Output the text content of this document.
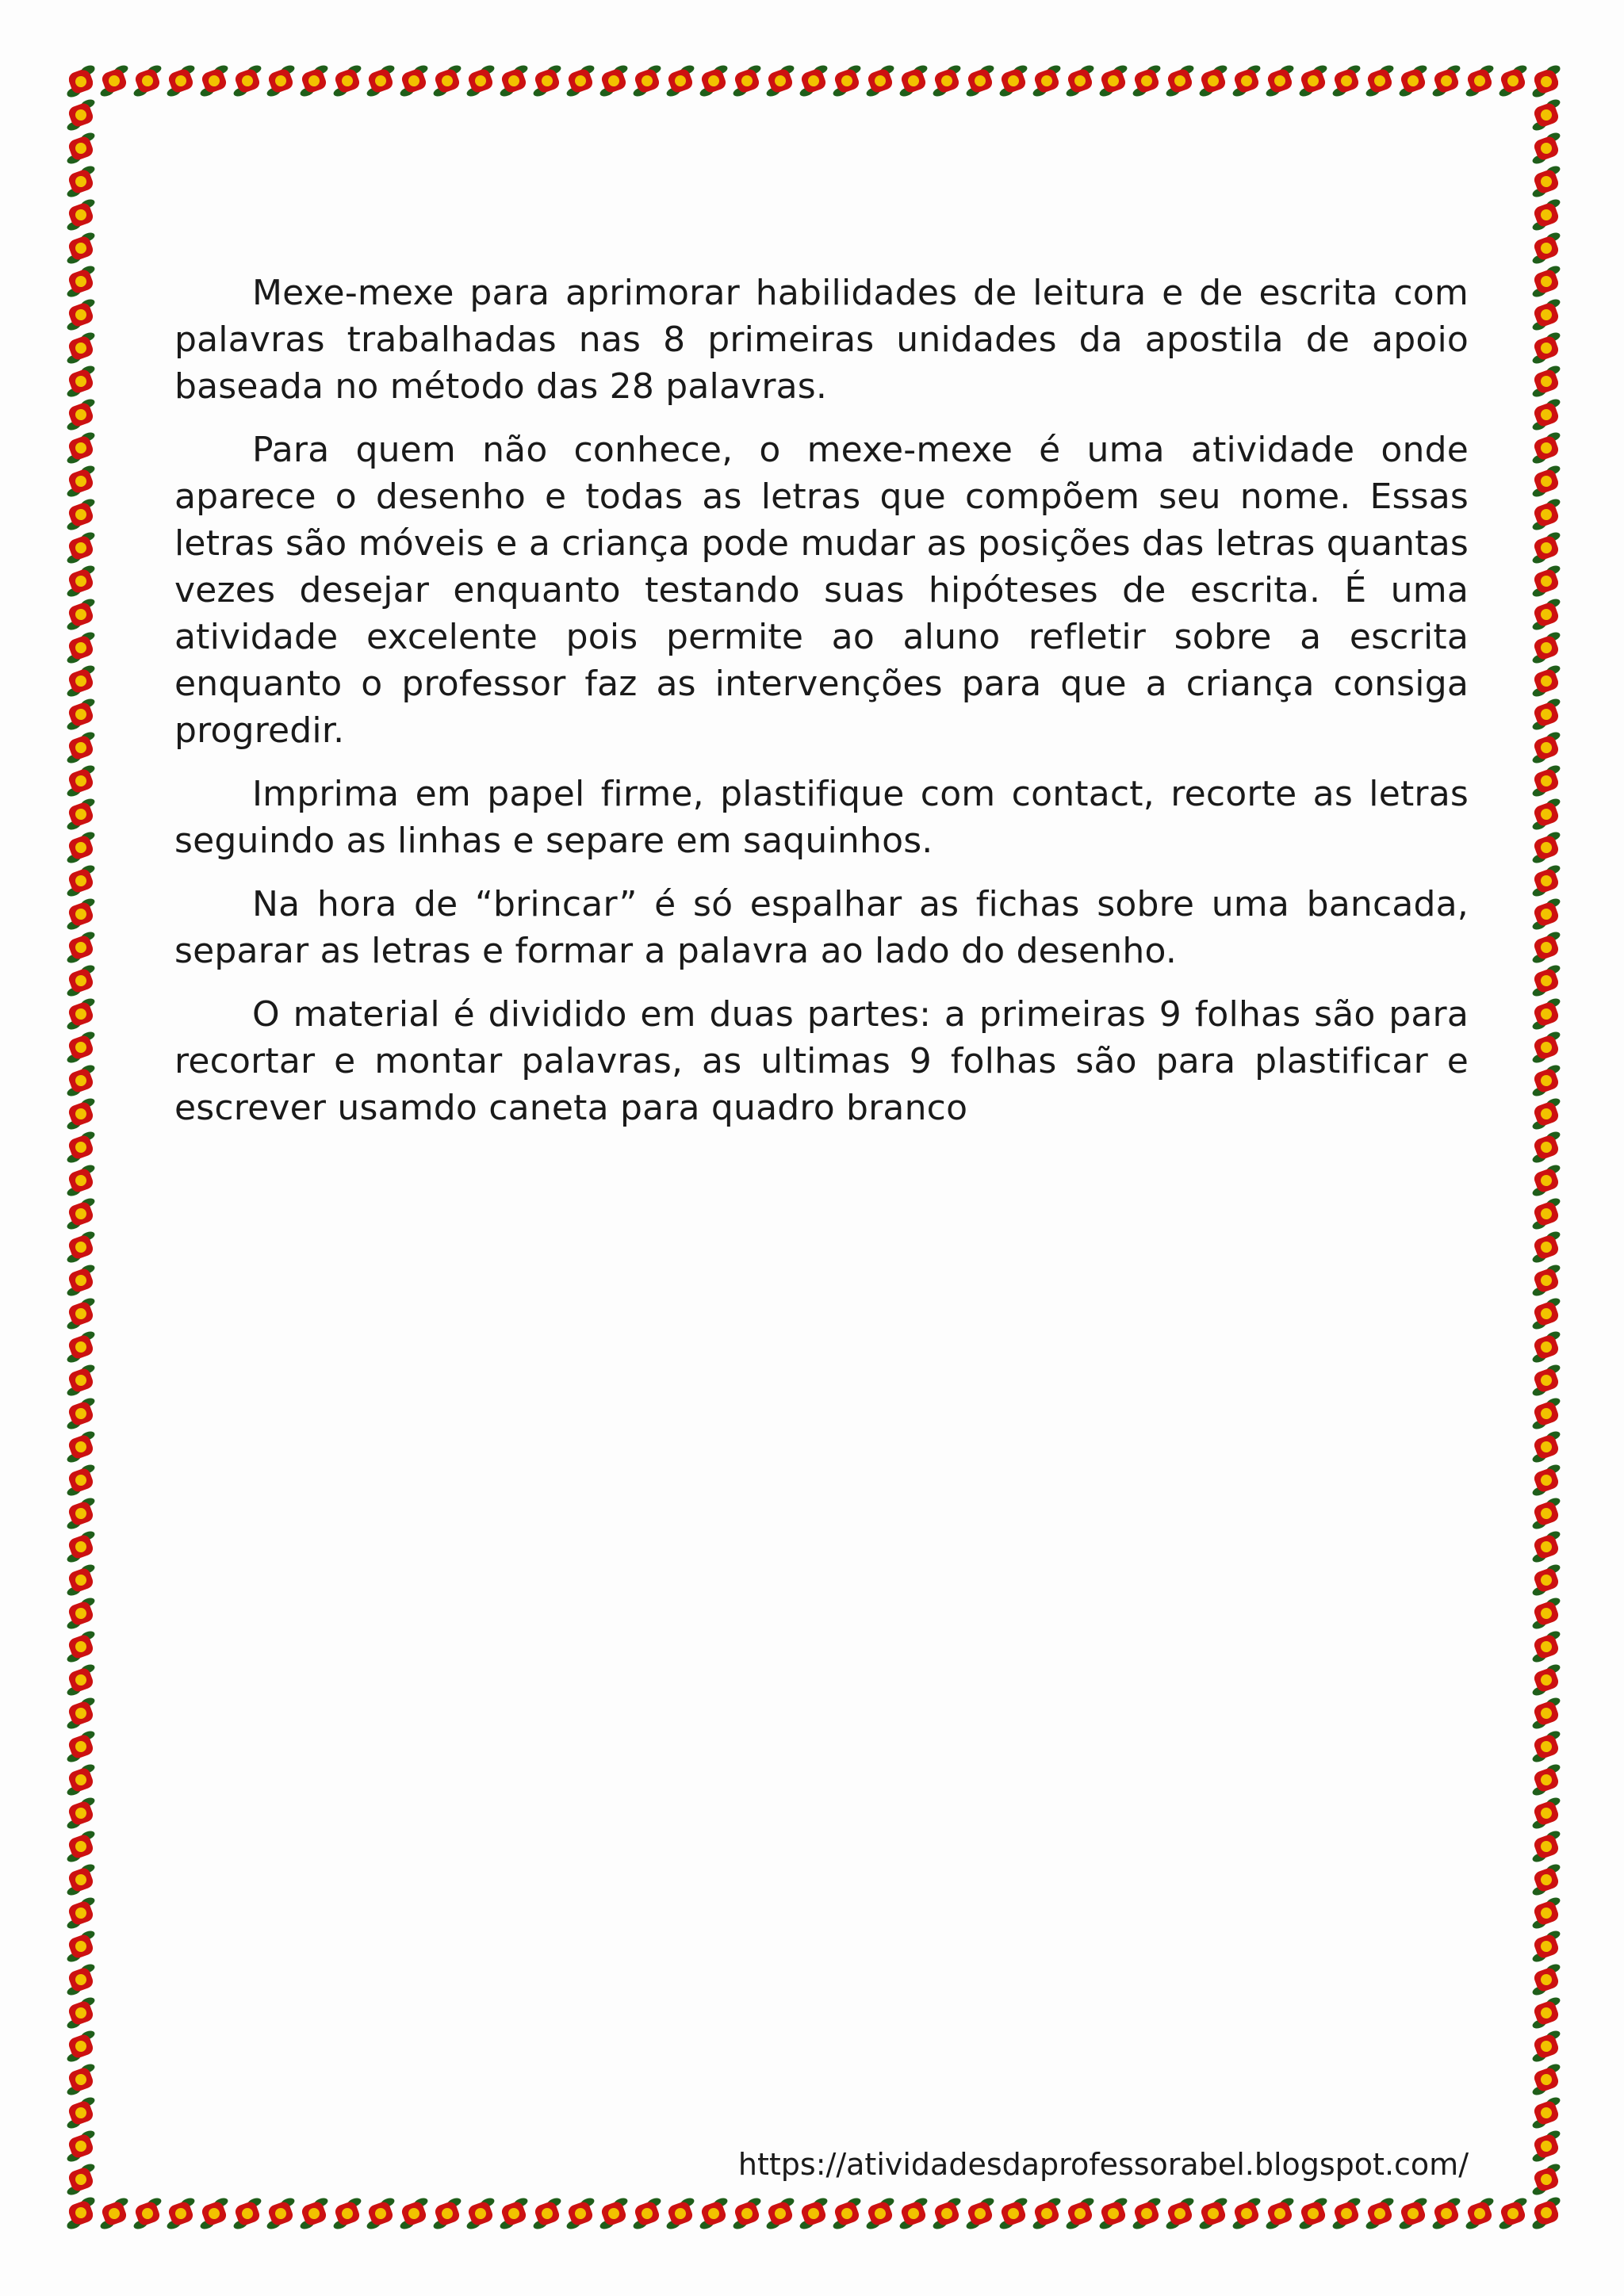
Mexe-mexe para aprimorar habilidades de leitura e de escrita com palavras trabalhadas nas 8 primeiras unidades da apostila de apoio baseada no método das 28 palavras.

Para quem não conhece, o mexe-mexe é uma atividade onde aparece o desenho e todas as letras que compõem seu nome. Essas letras são móveis e a criança pode mudar as posições das letras quantas vezes desejar enquanto testando suas hipóteses de escrita. É uma atividade excelente pois permite ao aluno refletir sobre a escrita enquanto o professor faz as intervenções para que a criança consiga progredir.

Imprima em papel firme, plastifique com contact, recorte as letras seguindo as linhas e separe em saquinhos.

Na hora de “brincar” é só espalhar as fichas sobre uma bancada, separar as letras e formar a palavra ao lado do desenho.

O material é dividido em duas partes: a primeiras 9 folhas são para recortar e montar palavras, as ultimas 9 folhas são para plastificar e escrever usamdo caneta para quadro branco

https://atividadesdaprofessorabel.blogspot.com/
